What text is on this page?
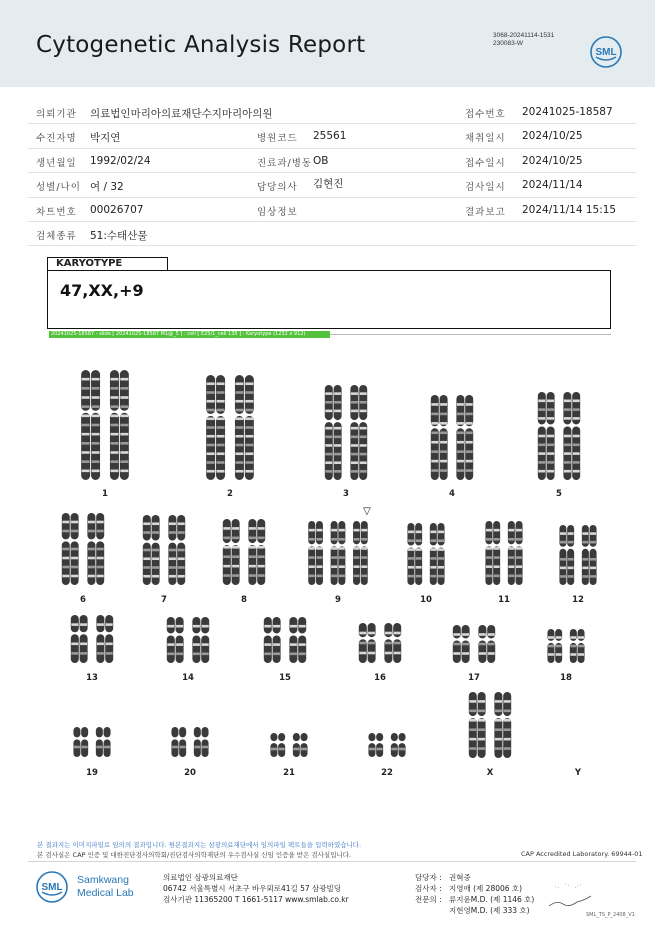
Cytogenetic Analysis Report	3068-20241114-1531
230083-W
SML
의뢰기관 의료법인마리아의료재단수지마리아의원	접수번호 20241025-18587
수진자명 박지연	병원코드 25561	채취일시 2024/10/25
생년월일 1992/02/24	진료과/병동 OB	접수일시 2024/10/25
성별/나이 여 / 32	담당의사 김현진	검사일시 2024/11/14
차트번호 00026707	임상정보	결과보고 2024/11/14 15:15
검체종류 51:수태산물
KARYOTYPE
47,XX,+9
20241025-18587 - slide [ 20241025-18587 M1@_5 ] : cell [ E25/1_cell 135 ] : Karyotype (1232 x 912)
1	2	3	4	5
6	7	8	9	10	11	12
13	14	15	16	17	18
19	20	21	22	X	Y
▽
본 결과지는 이미지파일로 임의의 결과입니다. 원본결과지는 삼광의료재단에서 임의파일 팩트들을 입력하였습니다.
본 검사실은 CAP 인증 및 대한진단검사의학회/진단검사의학재단의 우수검사실 신임 인증을 받은 검사실입니다.	CAP Accredited Laboratory. 69944-01
SML
Samkwang
Medical Lab
의료법인 삼광의료재단
06742 서울특별시 서초구 바우뫼로41길 57 삼광빌딩
검사기관 11365200 T 1661-5117 www.smlab.co.kr
담당자 : 권혁중
검사자 : 지영애 (제 28006 호)
전문의 : 류지윤M.D. (제 1146 호)
지현영M.D. (제 333 호)	SML_TS_P_2408_V1
